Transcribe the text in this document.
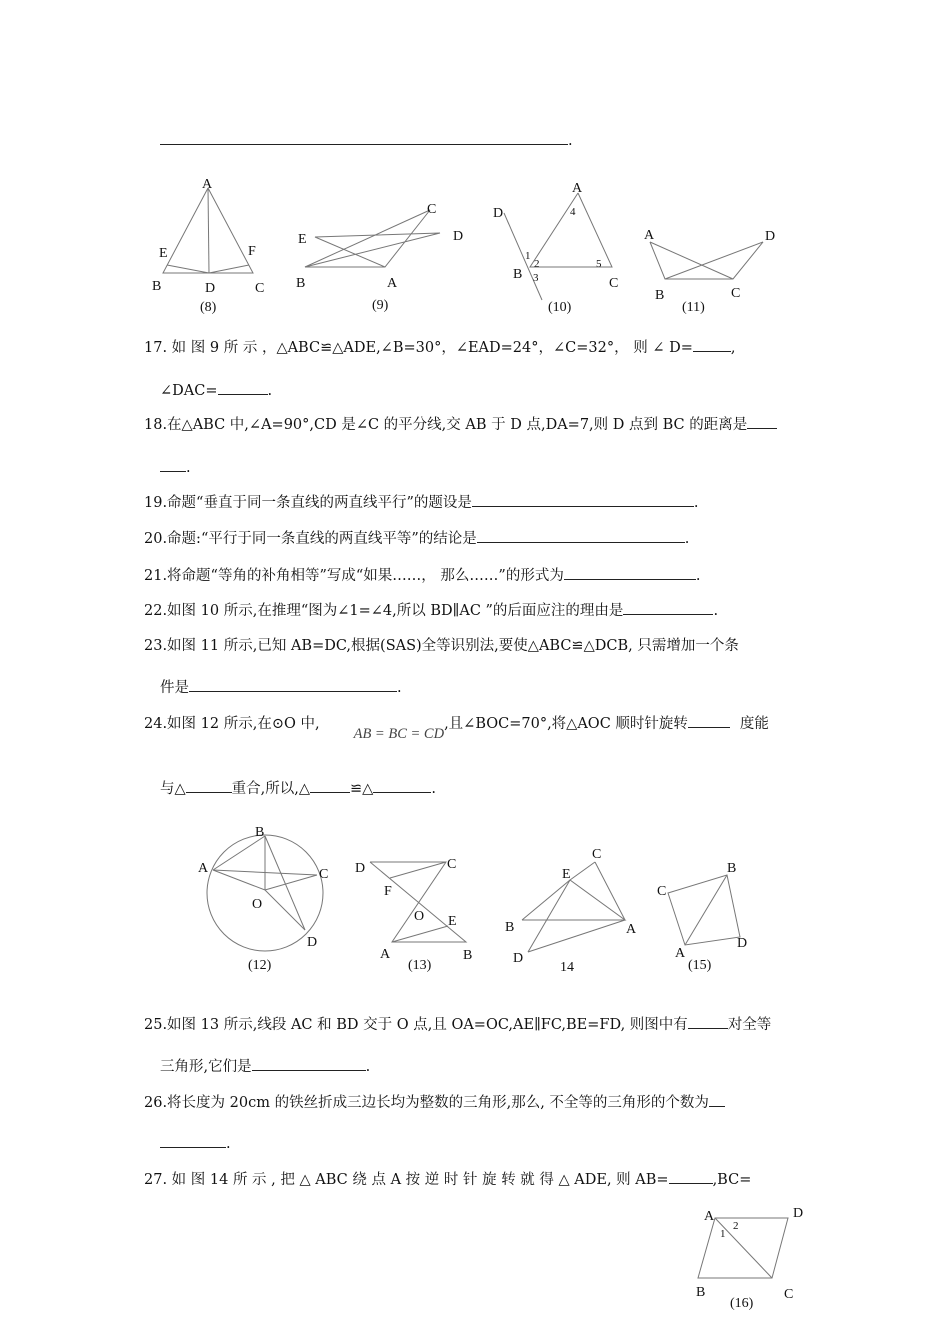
.
A
E	F
B	D	C
(8)
C
E	D
B	A
(9)
A
D
B
C
4
1
2
3
5
(10)
A	D
B	C
(11)
17. 如 图 9 所 示 ，△ABC≌△ADE,∠B=30°，∠EAD=24°，∠C=32°， 则 ∠ D=	,
∠DAC=	.
18.在△ABC 中,∠A=90°,CD 是∠C 的平分线,交 AB 于 D 点,DA=7,则 D 点到 BC 的距离是
.
19.命题“垂直于同一条直线的两直线平行”的题设是	.
20.命题:“平行于同一条直线的两直线平等”的结论是	.
21.将命题“等角的补角相等”写成“如果……， 那么……”的形式为	.
22.如图 10 所示,在推理“图为∠1=∠4,所以 BD∥AC ”的后面应注的理由是	.
23.如图 11 所示,已知 AB=DC,根据(SAS)全等识别法,要使△ABC≌△DCB, 只需增加一个条
件是	.
24.如图 12 所示,在⊙O 中,AB = BC = CD,且∠BOC=70°,将△AOC 顺时针旋转	度能
与△	重合,所以,△	≌△	.
B
A	C
O
D
(12)
D	C
F
O E
A	B
(13)
C
E
B	A
D
14
B
C
A
D
(15)
25.如图 13 所示,线段 AC 和 BD 交于 O 点,且 OA=OC,AE∥FC,BE=FD, 则图中有	对全等
三角形,它们是	.
26.将长度为 20cm 的铁丝折成三边长均为整数的三角形,那么, 不全等的三角形的个数为
.
27. 如 图 14 所 示 , 把 △ ABC 绕 点 A 按 逆 时 针 旋 转 就 得 △ ADE, 则 AB=	,BC=
A	D
B	C
1
2
(16)
